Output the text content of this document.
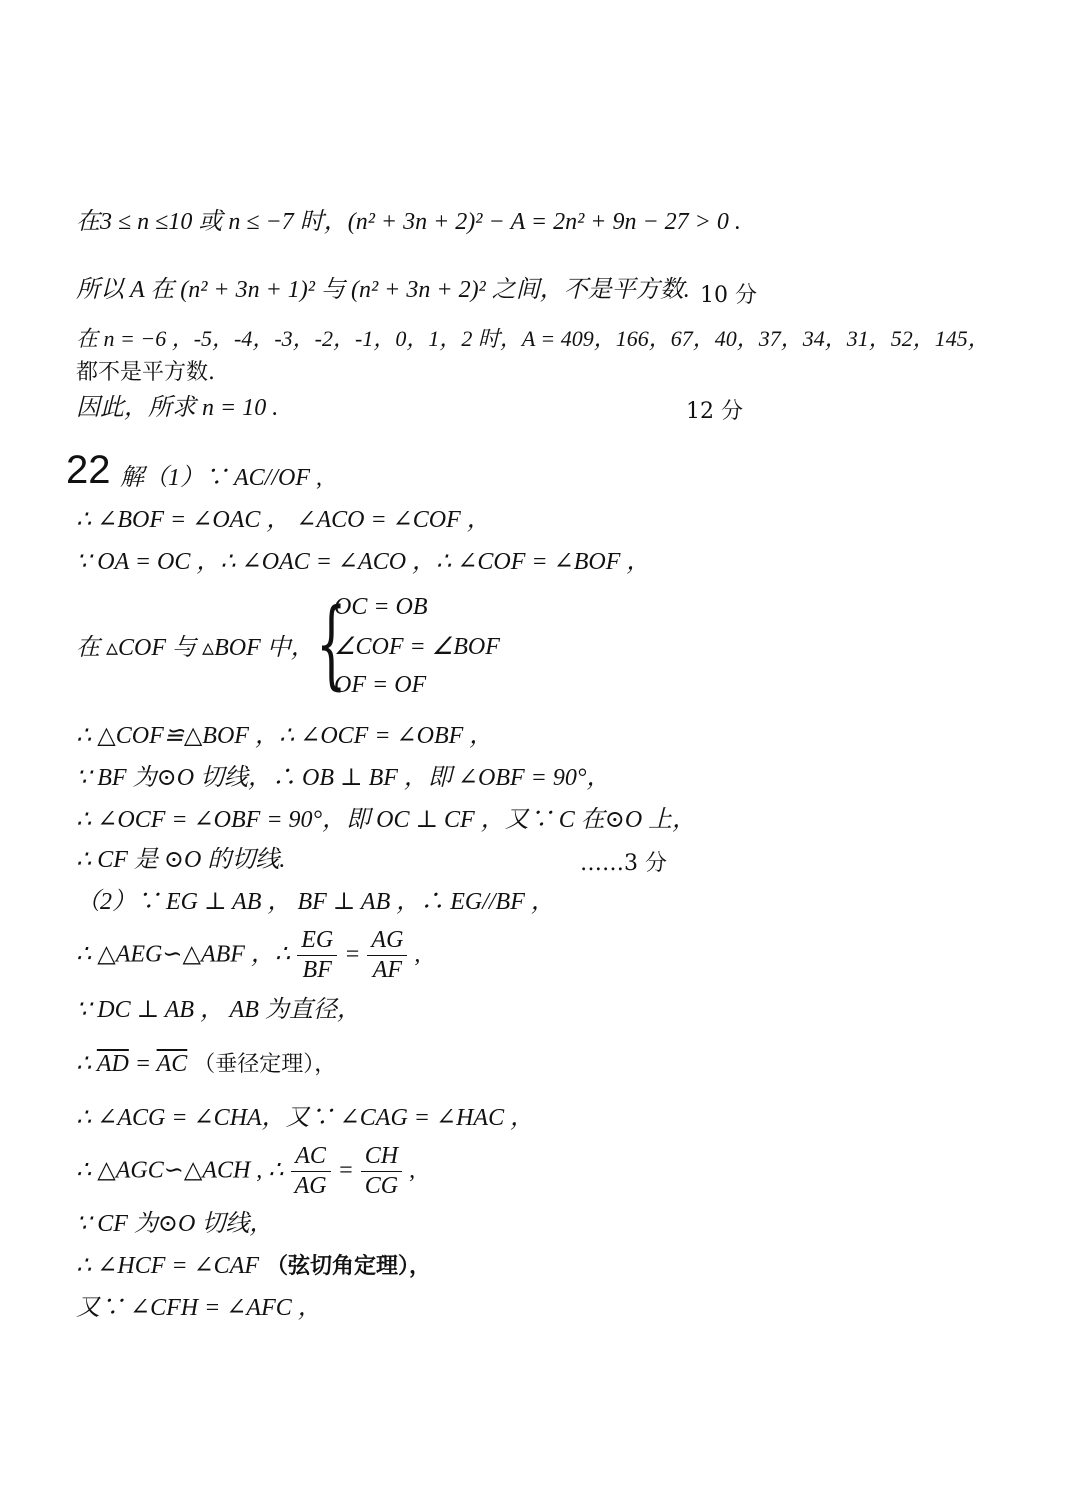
在3 ≤ n ≤10 或 n ≤ −7 时，(n² + 3n + 2)² − A = 2n² + 9n − 27 > 0 .
所以 A 在 (n² + 3n + 1)² 与 (n² + 3n + 2)² 之间，不是平方数. 10 分
在 n = −6 ，-5，-4，-3，-2，-1，0，1，2 时，A = 409，166，67，40，37，34，31，52，145，
都不是平方数.
因此，所求 n = 10 .	12 分
22 解（1）∵ AC//OF ,
∴ ∠BOF = ∠OAC ， ∠ACO = ∠COF ，
∵ OA = OC ，∴ ∠OAC = ∠ACO ，∴ ∠COF = ∠BOF ，
在 ▵COF 与 ▵BOF 中， {
OC = OB
∠COF = ∠BOF
OF = OF
∴ △COF≌△BOF ，∴ ∠OCF = ∠OBF ，
∵ BF 为⊙O 切线，∴ OB ⊥ BF ，即 ∠OBF = 90°，
∴ ∠OCF = ∠OBF = 90°，即 OC ⊥ CF ，又∵ C 在⊙O 上，
∴ CF 是 ⊙O 的切线.	……3 分
（2）∵ EG ⊥ AB ， BF ⊥ AB ，∴ EG//BF ，
∴ △AEG∽△ABF ，∴ $\frac{EG}{BF} = \frac{AG}{AF}$ ,
∵ DC ⊥ AB ， AB 为直径，
∴ $\overline{AD} = \overline{AC}$ （垂径定理），
∴ ∠ACG = ∠CHA，又∵ ∠CAG = ∠HAC ，
∴ △AGC∽△ACH , ∴ $\frac{AC}{AG} = \frac{CH}{CG}$ ,
∵ CF 为⊙O 切线，
∴ ∠HCF = ∠CAF （弦切角定理），
又∵ ∠CFH = ∠AFC ，
